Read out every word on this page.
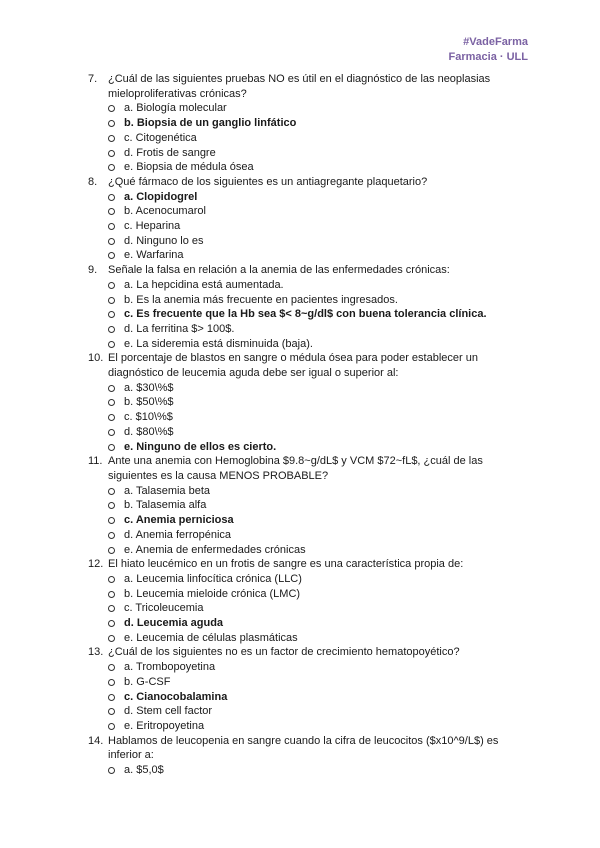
#VadeFarma
Farmacia · ULL
7. ¿Cuál de las siguientes pruebas NO es útil en el diagnóstico de las neoplasias mieloproliferativas crónicas?
a. Biología molecular
b. Biopsia de un ganglio linfático
c. Citogenética
d. Frotis de sangre
e. Biopsia de médula ósea
8. ¿Qué fármaco de los siguientes es un antiagregante plaquetario?
a. Clopidogrel
b. Acenocumarol
c. Heparina
d. Ninguno lo es
e. Warfarina
9. Señale la falsa en relación a la anemia de las enfermedades crónicas:
a. La hepcidina está aumentada.
b. Es la anemia más frecuente en pacientes ingresados.
c. Es frecuente que la Hb sea $< 8~g/dl$ con buena tolerancia clínica.
d. La ferritina $> 100$.
e. La sideremia está disminuida (baja).
10. El porcentaje de blastos en sangre o médula ósea para poder establecer un diagnóstico de leucemia aguda debe ser igual o superior al:
a. $30\%$
b. $50\%$
c. $10\%$
d. $80\%$
e. Ninguno de ellos es cierto.
11. Ante una anemia con Hemoglobina $9.8~g/dL$ y VCM $72~fL$, ¿cuál de las siguientes es la causa MENOS PROBABLE?
a. Talasemia beta
b. Talasemia alfa
c. Anemia perniciosa
d. Anemia ferropénica
e. Anemia de enfermedades crónicas
12. El hiato leucémico en un frotis de sangre es una característica propia de:
a. Leucemia linfocítica crónica (LLC)
b. Leucemia mieloide crónica (LMC)
c. Tricoleucemia
d. Leucemia aguda
e. Leucemia de células plasmáticas
13. ¿Cuál de los siguientes no es un factor de crecimiento hematopoyético?
a. Trombopoyetina
b. G-CSF
c. Cianocobalamina
d. Stem cell factor
e. Eritropoyetina
14. Hablamos de leucopenia en sangre cuando la cifra de leucocitos ($x10^9/L$) es inferior a:
a. $5,0$
